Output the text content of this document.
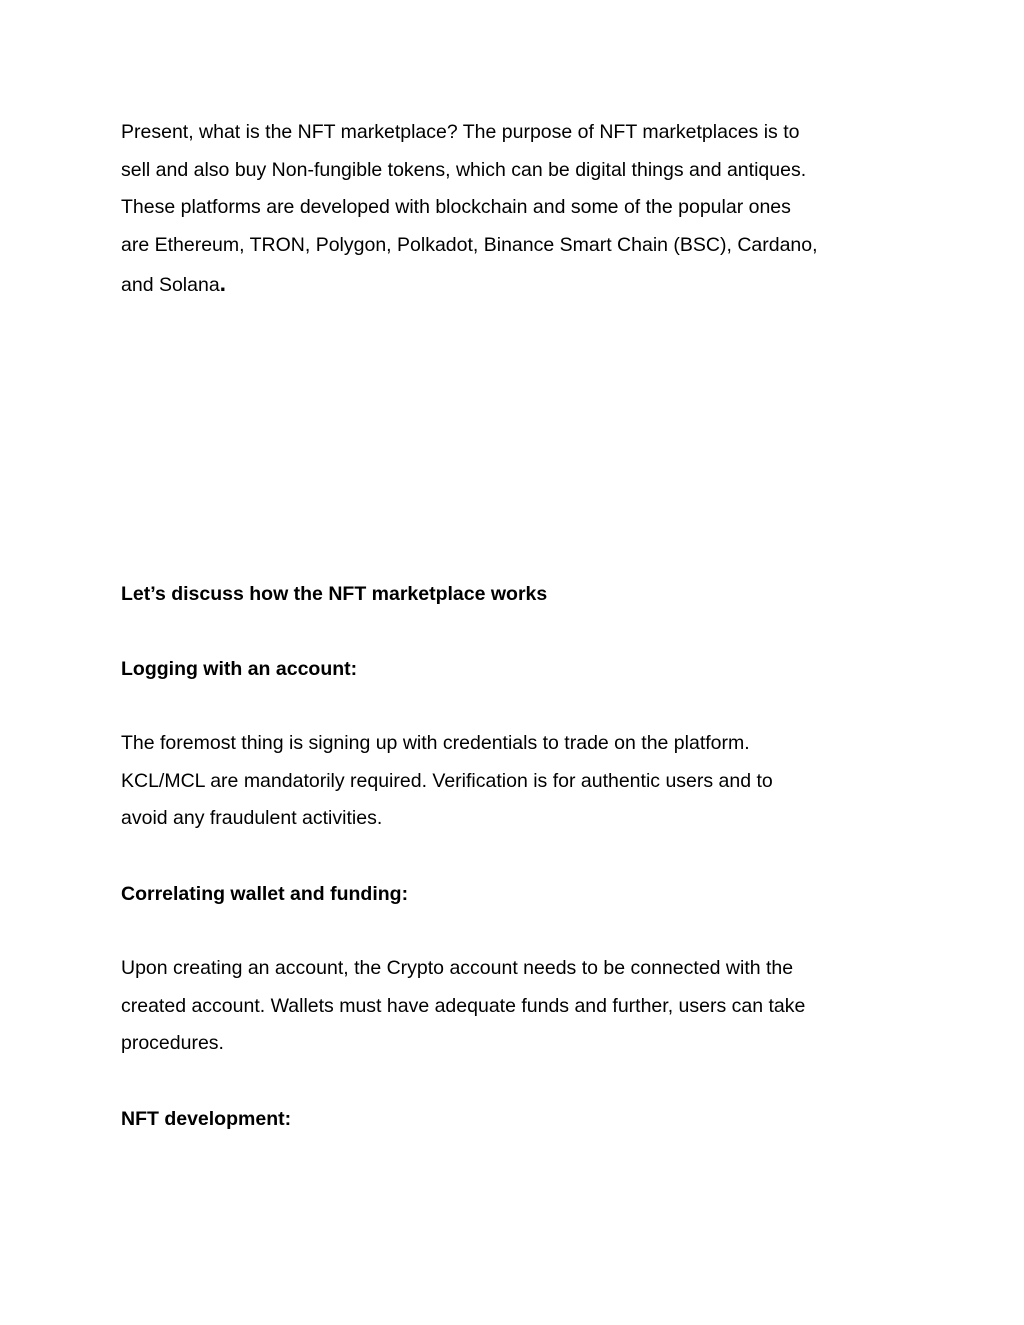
Present, what is the NFT marketplace? The purpose of NFT marketplaces is to
sell and also buy Non-fungible tokens, which can be digital things and antiques.
These platforms are developed with blockchain and some of the popular ones
are Ethereum, TRON, Polygon, Polkadot, Binance Smart Chain (BSC), Cardano,
and Solana.

Let’s discuss how the NFT marketplace works
Logging with an account:

The foremost thing is signing up with credentials to trade on the platform.
KCL/MCL are mandatorily required. Verification is for authentic users and to
avoid any fraudulent activities.

Correlating wallet and funding:

Upon creating an account, the Crypto account needs to be connected with the
created account. Wallets must have adequate funds and further, users can take
procedures.

NFT development:
